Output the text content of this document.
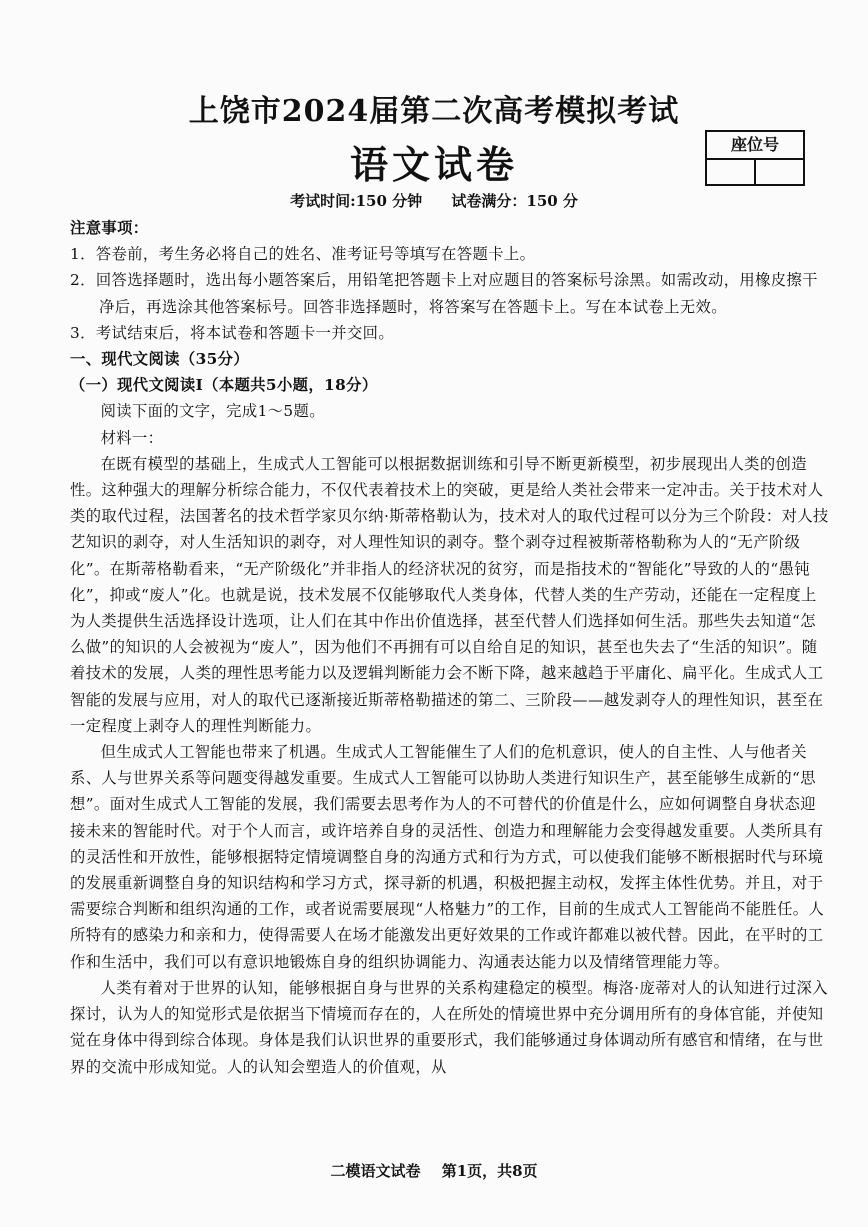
上饶市2024届第二次高考模拟考试
语文试卷	座位号
考试时间:150 分钟 试卷满分：150 分

注意事项：

1．答卷前，考生务必将自己的姓名、准考证号等填写在答题卡上。

2．回答选择题时，选出每小题答案后，用铅笔把答题卡上对应题目的答案标号涂黑。如需改动，用橡皮擦干净后，再选涂其他答案标号。回答非选择题时，将答案写在答题卡上。写在本试卷上无效。

3．考试结束后，将本试卷和答题卡一并交回。

一、现代文阅读（35分）

（一）现代文阅读Ⅰ（本题共5小题，18分）

阅读下面的文字，完成1～5题。

材料一：

在既有模型的基础上，生成式人工智能可以根据数据训练和引导不断更新模型，初步展现出人类的创造性。这种强大的理解分析综合能力，不仅代表着技术上的突破，更是给人类社会带来一定冲击。关于技术对人类的取代过程，法国著名的技术哲学家贝尔纳·斯蒂格勒认为，技术对人的取代过程可以分为三个阶段：对人技艺知识的剥夺，对人生活知识的剥夺，对人理性知识的剥夺。整个剥夺过程被斯蒂格勒称为人的“无产阶级化”。在斯蒂格勒看来，“无产阶级化”并非指人的经济状况的贫穷，而是指技术的“智能化”导致的人的“愚钝化”，抑或“废人”化。也就是说，技术发展不仅能够取代人类身体，代替人类的生产劳动，还能在一定程度上为人类提供生活选择设计选项，让人们在其中作出价值选择，甚至代替人们选择如何生活。那些失去知道“怎么做”的知识的人会被视为“废人”，因为他们不再拥有可以自给自足的知识，甚至也失去了“生活的知识”。随着技术的发展，人类的理性思考能力以及逻辑判断能力会不断下降，越来越趋于平庸化、扁平化。生成式人工智能的发展与应用，对人的取代已逐渐接近斯蒂格勒描述的第二、三阶段——越发剥夺人的理性知识，甚至在一定程度上剥夺人的理性判断能力。

但生成式人工智能也带来了机遇。生成式人工智能催生了人们的危机意识，使人的自主性、人与他者关系、人与世界关系等问题变得越发重要。生成式人工智能可以协助人类进行知识生产，甚至能够生成新的“思想”。面对生成式人工智能的发展，我们需要去思考作为人的不可替代的价值是什么，应如何调整自身状态迎接未来的智能时代。对于个人而言，或许培养自身的灵活性、创造力和理解能力会变得越发重要。人类所具有的灵活性和开放性，能够根据特定情境调整自身的沟通方式和行为方式，可以使我们能够不断根据时代与环境的发展重新调整自身的知识结构和学习方式，探寻新的机遇，积极把握主动权，发挥主体性优势。并且，对于需要综合判断和组织沟通的工作，或者说需要展现“人格魅力”的工作，目前的生成式人工智能尚不能胜任。人所特有的感染力和亲和力，使得需要人在场才能激发出更好效果的工作或许都难以被代替。因此，在平时的工作和生活中，我们可以有意识地锻炼自身的组织协调能力、沟通表达能力以及情绪管理能力等。

人类有着对于世界的认知，能够根据自身与世界的关系构建稳定的模型。梅洛·庞蒂对人的认知进行过深入探讨，认为人的知觉形式是依据当下情境而存在的，人在所处的情境世界中充分调用所有的身体官能，并使知觉在身体中得到综合体现。身体是我们认识世界的重要形式，我们能够通过身体调动所有感官和情绪，在与世界的交流中形成知觉。人的认知会塑造人的价值观，从

二模语文试卷 第1页，共8页
